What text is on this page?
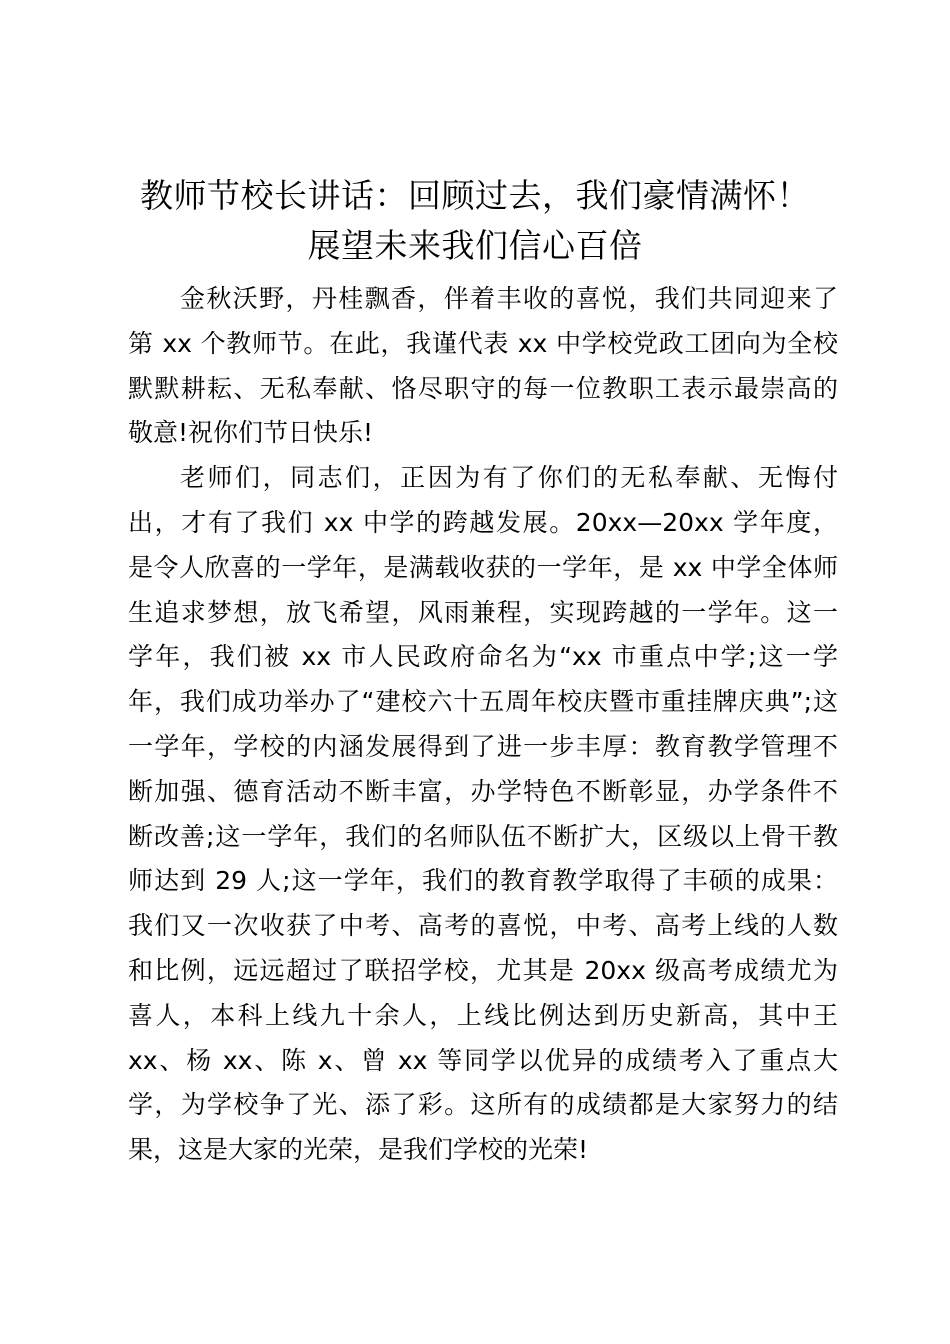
教师节校长讲话：回顾过去，我们豪情满怀！
展望未来我们信心百倍
金秋沃野，丹桂飘香，伴着丰收的喜悦，我们共同迎来了
第 xx 个教师节。在此，我谨代表 xx 中学校党政工团向为全校
默默耕耘、无私奉献、恪尽职守的每一位教职工表示最崇高的
敬意!祝你们节日快乐!
老师们，同志们，正因为有了你们的无私奉献、无悔付
出，才有了我们 xx 中学的跨越发展。20xx—20xx 学年度，
是令人欣喜的一学年，是满载收获的一学年，是 xx 中学全体师
生追求梦想，放飞希望，风雨兼程，实现跨越的一学年。这一
学年，我们被 xx 市人民政府命名为“xx 市重点中学;这一学
年，我们成功举办了“建校六十五周年校庆暨市重挂牌庆典”;这
一学年，学校的内涵发展得到了进一步丰厚：教育教学管理不
断加强、德育活动不断丰富，办学特色不断彰显，办学条件不
断改善;这一学年，我们的名师队伍不断扩大，区级以上骨干教
师达到 29 人;这一学年，我们的教育教学取得了丰硕的成果：
我们又一次收获了中考、高考的喜悦，中考、高考上线的人数
和比例，远远超过了联招学校，尤其是 20xx 级高考成绩尤为
喜人，本科上线九十余人，上线比例达到历史新高，其中王
xx、杨 xx、陈 x、曾 xx 等同学以优异的成绩考入了重点大
学，为学校争了光、添了彩。这所有的成绩都是大家努力的结
果，这是大家的光荣，是我们学校的光荣!
